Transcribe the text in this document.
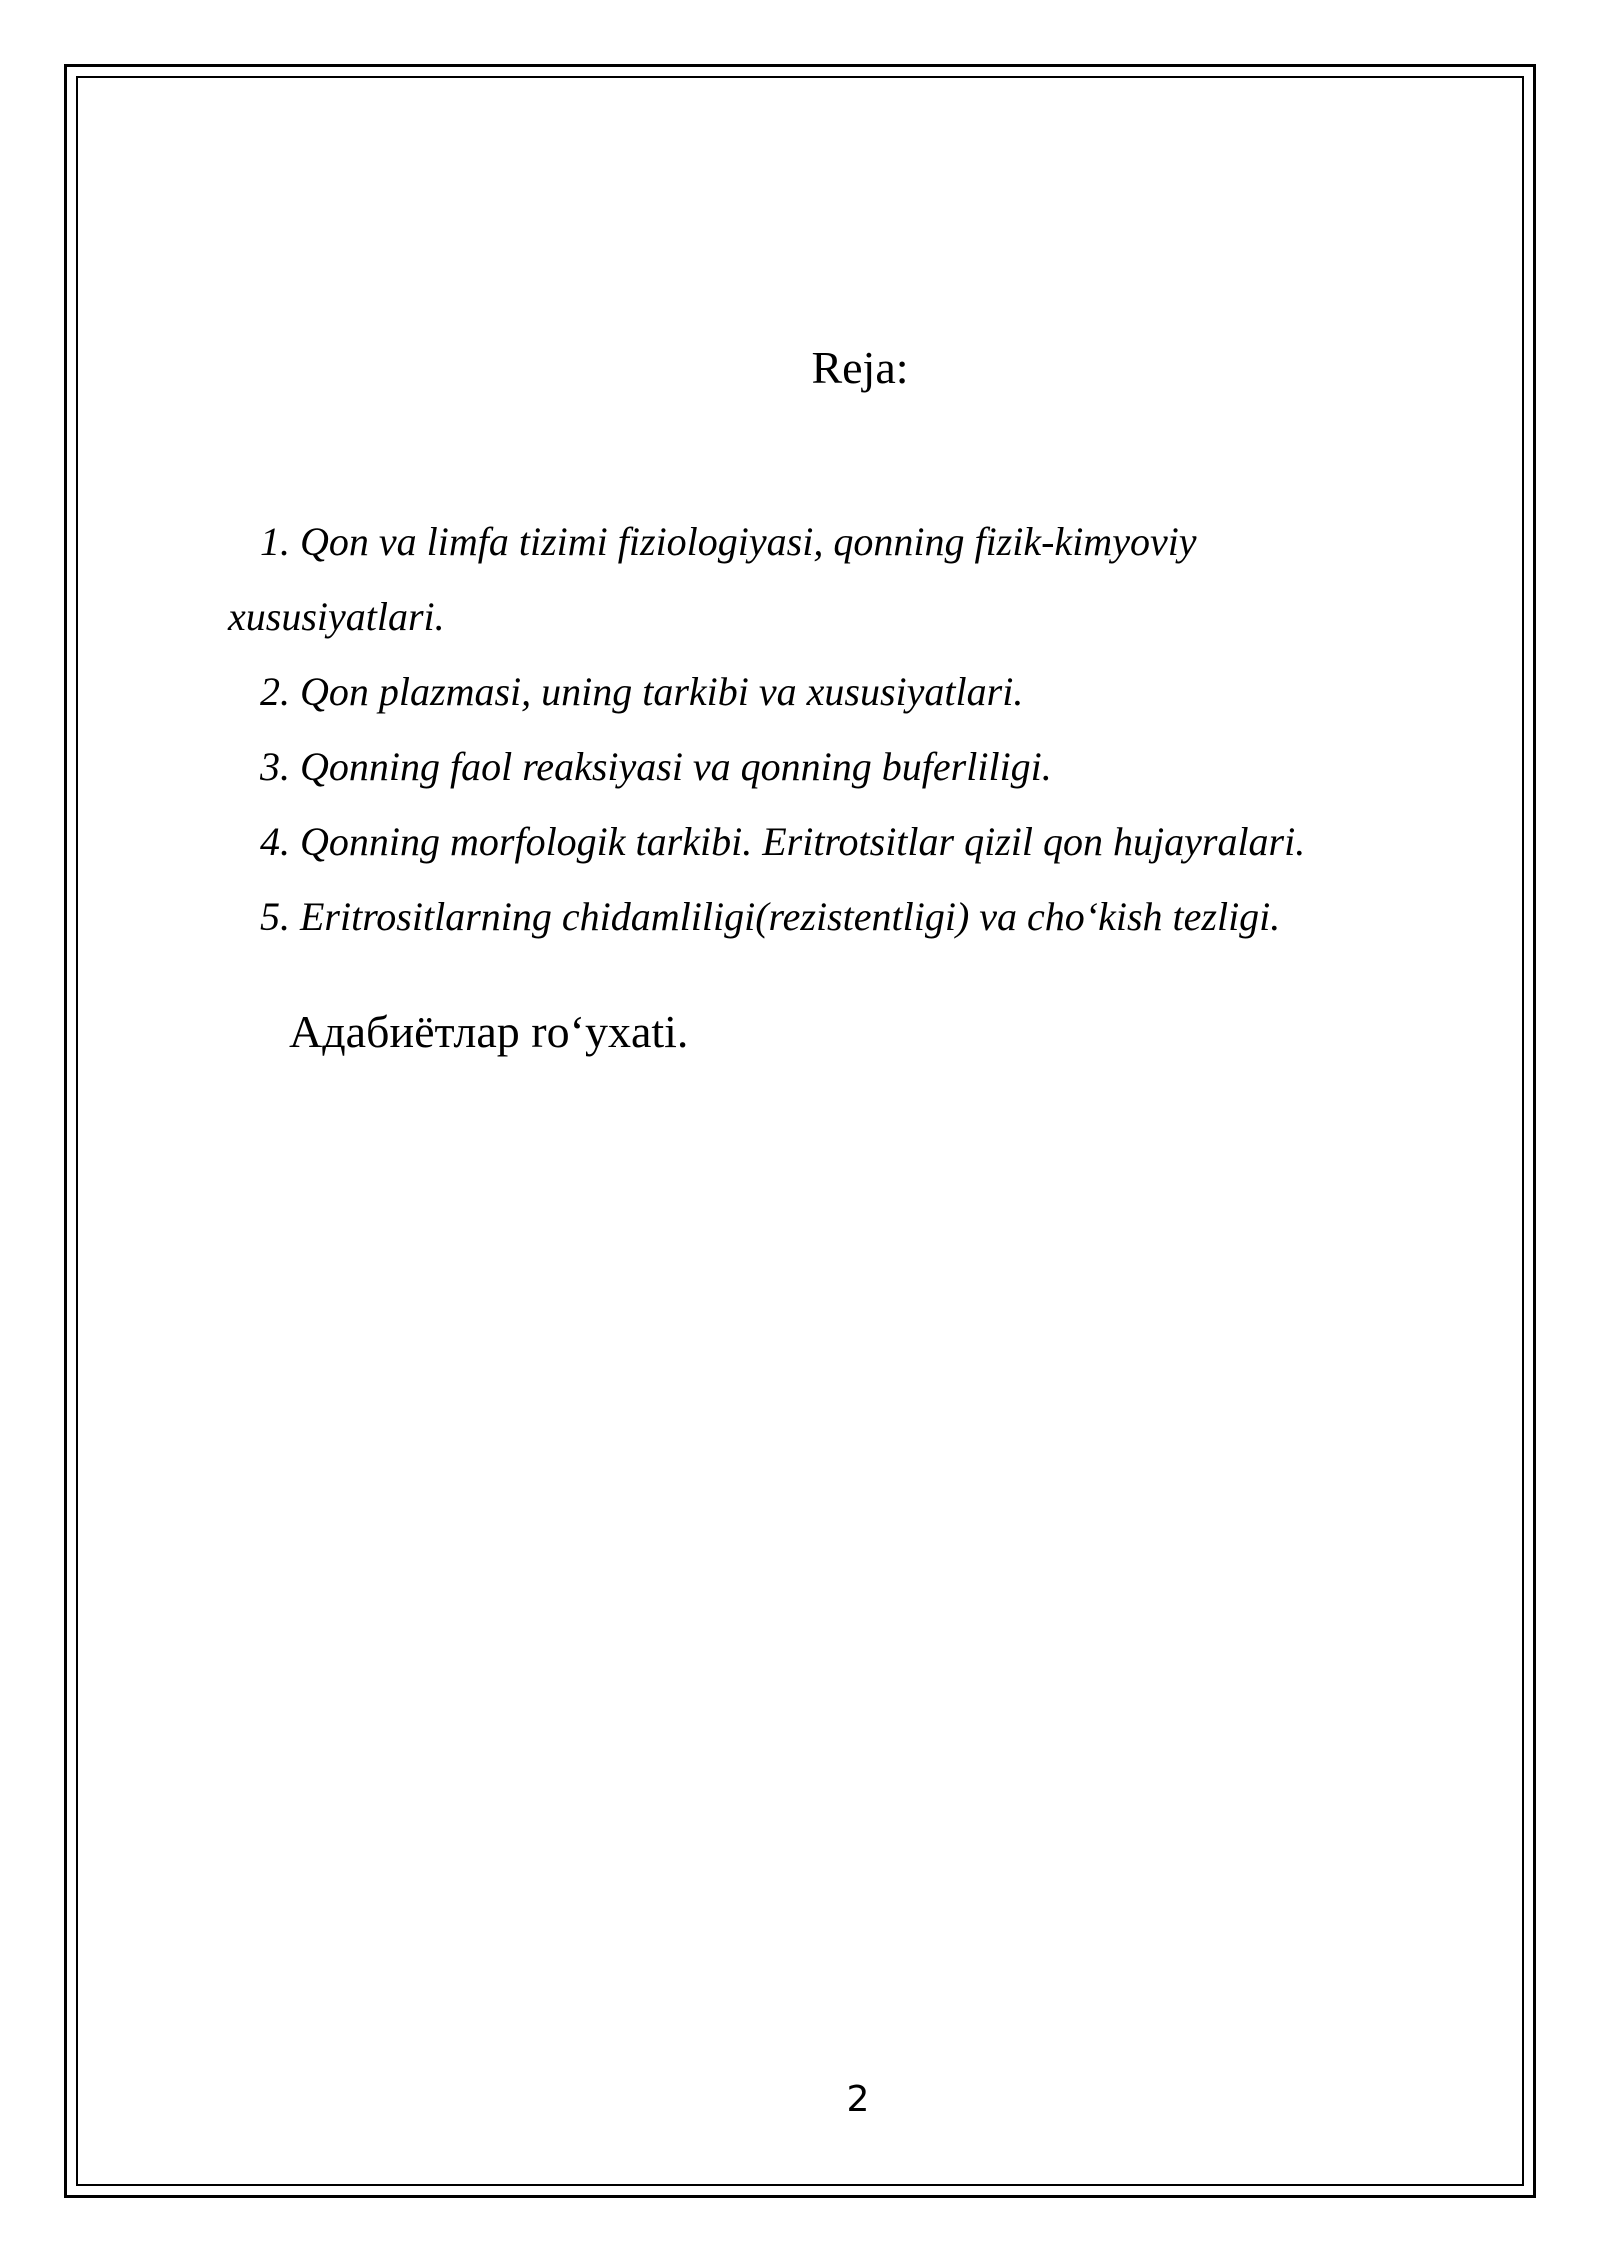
Reja:
1. Qon va limfa tizimi fiziologiyasi, qonning fizik-kimyoviy xususiyatlari.
2. Qon plazmasi, uning tarkibi va xususiyatlari.
3. Qonning faol reaksiyasi va qonning buferliligi.
4. Qonning morfologik tarkibi. Eritrotsitlar qizil qon hujayralari.
5. Eritrositlarning chidamliligi(rezistentligi) va cho‘kish tezligi.
Адабиётлар ro‘yxati.
2
